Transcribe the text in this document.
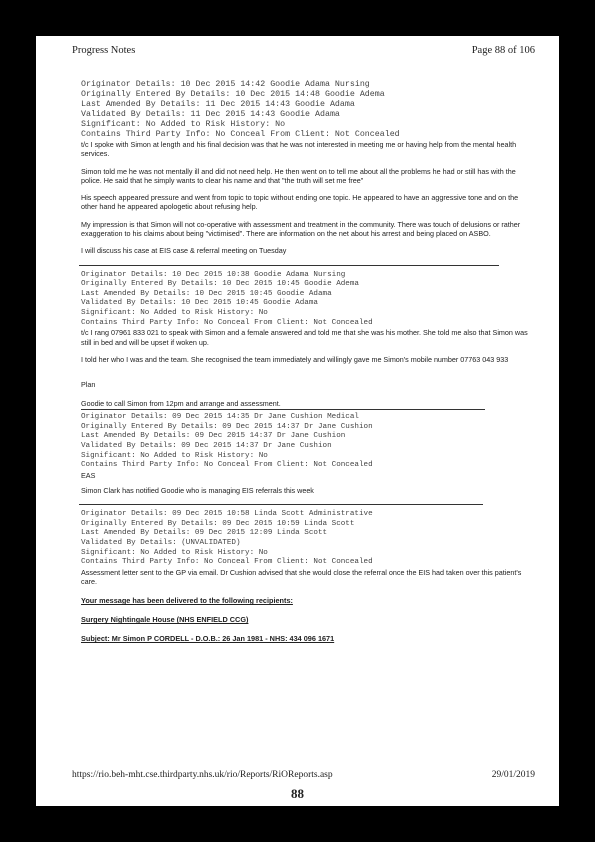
Progress Notes	Page 88 of 106
Originator Details: 10 Dec 2015 14:42 Goodie Adama Nursing
Originally Entered By Details: 10 Dec 2015 14:48 Goodie Adema
Last Amended By Details: 11 Dec 2015 14:43 Goodie Adama
Validated By Details: 11 Dec 2015 14:43 Goodie Adama
Significant: No Added to Risk History: No
Contains Third Party Info: No Conceal From Client: Not Concealed

t/c I spoke with Simon at length and his final decision was that he was not interested in meeting me or having help from the mental health services.

Simon told me he was not mentally ill and did not need help. He then went on to tell me about all the problems he had or still has with the police. He said that he simply wants to clear his name and that "the truth will set me free"

His speech appeared pressure and went from topic to topic without ending one topic. He appeared to have an aggressive tone and on the other hand he appeared apologetic about refusing help.

My impression is that Simon will not co-operative with assessment and treatment in the community. There was touch of delusions or rather exaggeration to his claims about being "victimised". There are information on the net about his arrest and being placed on ASBO.

I will discuss his case at EIS case & referral meeting on Tuesday

Originator Details: 10 Dec 2015 10:38 Goodie Adama Nursing
Originally Entered By Details: 10 Dec 2015 10:45 Goodie Adema
Last Amended By Details: 10 Dec 2015 10:45 Goodie Adama
Validated By Details: 10 Dec 2015 10:45 Goodie Adama
Significant: No Added to Risk History: No
Contains Third Party Info: No Conceal From Client: Not Concealed

t/c I rang 07961 833 021 to speak with Simon and a female answered and told me that she was his mother. She told me also that Simon was still in bed and will be upset if woken up.

I told her who I was and the team. She recognised the team immediately and willingly gave me Simon's mobile number 07763 043 933

Plan

Goodie to call Simon from 12pm and arrange and assessment.

Originator Details: 09 Dec 2015 14:35 Dr Jane Cushion Medical
Originally Entered By Details: 09 Dec 2015 14:37 Dr Jane Cushion
Last Amended By Details: 09 Dec 2015 14:37 Dr Jane Cushion
Validated By Details: 09 Dec 2015 14:37 Dr Jane Cushion
Significant: No Added to Risk History: No
Contains Third Party Info: No Conceal From Client: Not Concealed

EAS

Simon Clark has notified Goodie who is managing EIS referrals this week

Originator Details: 09 Dec 2015 10:58 Linda Scott Administrative
Originally Entered By Details: 09 Dec 2015 10:59 Linda Scott
Last Amended By Details: 09 Dec 2015 12:09 Linda Scott
Validated By Details: (UNVALIDATED)
Significant: No Added to Risk History: No
Contains Third Party Info: No Conceal From Client: Not Concealed

Assessment letter sent to the GP via email. Dr Cushion advised that she would close the referral once the EIS had taken over this patient's care.

Your message has been delivered to the following recipients:

Surgery Nightingale House (NHS ENFIELD CCG)

Subject: Mr Simon P CORDELL - D.O.B.: 26 Jan 1981 - NHS: 434 096 1671

https://rio.beh-mht.cse.thirdparty.nhs.uk/rio/Reports/RiOReports.asp	29/01/2019
88
